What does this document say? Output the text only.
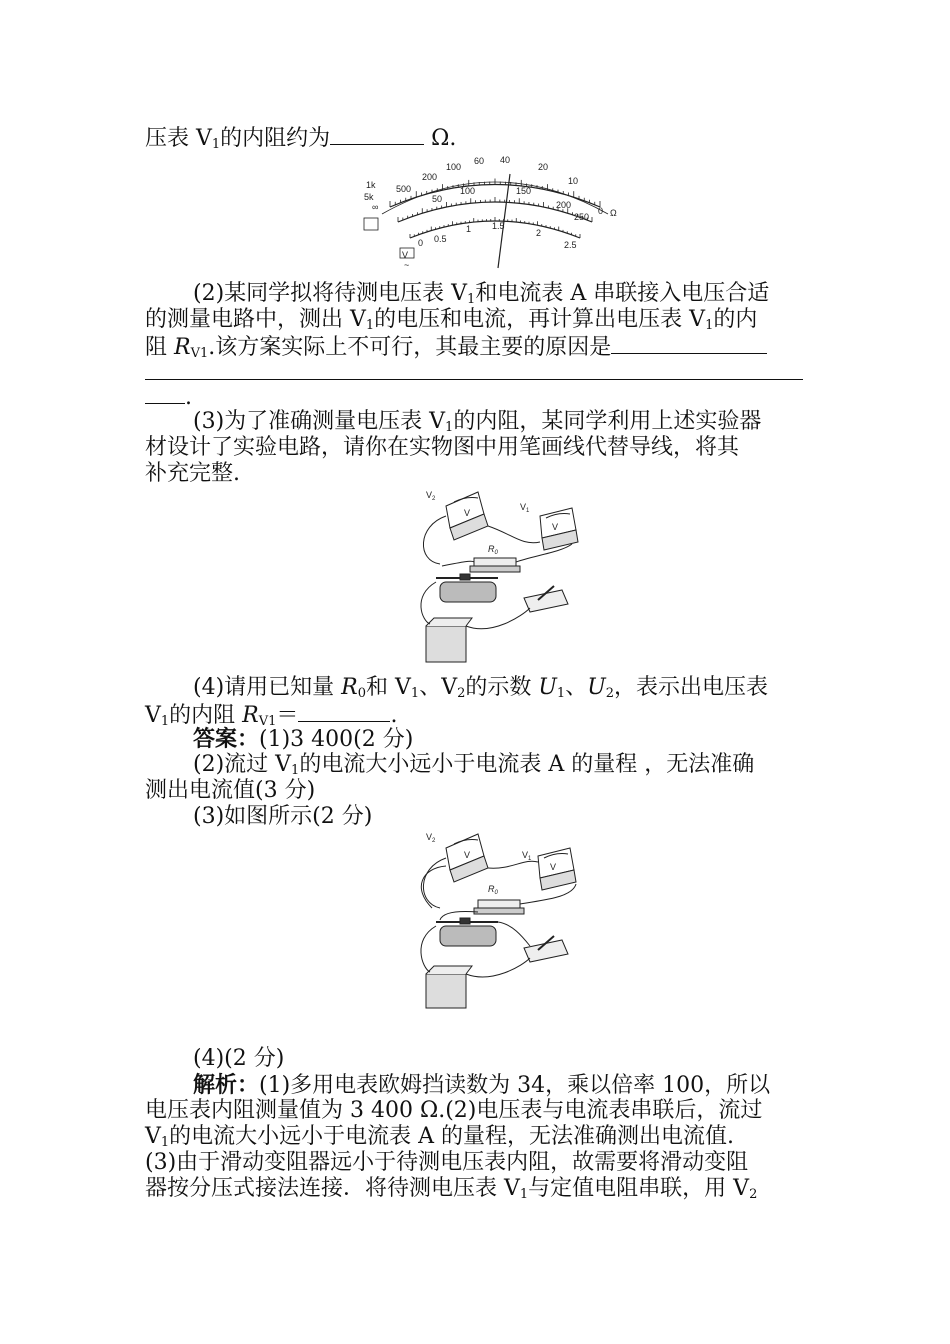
压表 $V_1$的内阻约为	Ω.
500
200
100
60 40
20
10
0 Ω
50
100	150
200
250
0 0.5
1 1.5
2
2.5
1k
5k
∞
V
~
(2)某同学拟将待测电压表 $V_1$和电流表 A 串联接入电压合适
的测量电路中，测出 $V_1$的电压和电流，再计算出电压表 $V_1$的内
阻 $R_{V1}$.该方案实际上不可行，其最主要的原因是
.
(3)为了准确测量电压表 $V_1$的内阻，某同学利用上述实验器
材设计了实验电路，请你在实物图中用笔画线代替导线，将其
补充完整.
$V_2$
$V_1$
$R_0$
V
V
(4)请用已知量 $R_0$和 $V_1$、$V_2$的示数 $U_1$、$U_2$，表示出电压表
$V_1$的内阻 $R_{V1}=$	.
答案：(1)3 400(2 分)
(2)流过 $V_1$的电流大小远小于电流表 A 的量程 ，无法准确
测出电流值(3 分)
(3)如图所示(2 分)
$V_2$
$V_1$
$R_0$
V
V
(4)(2 分)
解析：(1)多用电表欧姆挡读数为 34，乘以倍率 100，所以
电压表内阻测量值为 3 400 Ω.(2)电压表与电流表串联后，流过
$V_1$的电流大小远小于电流表 A 的量程，无法准确测出电流值.
(3)由于滑动变阻器远小于待测电压表内阻，故需要将滑动变阻
器按分压式接法连接．将待测电压表 $V_1$与定值电阻串联，用 $V_2$
